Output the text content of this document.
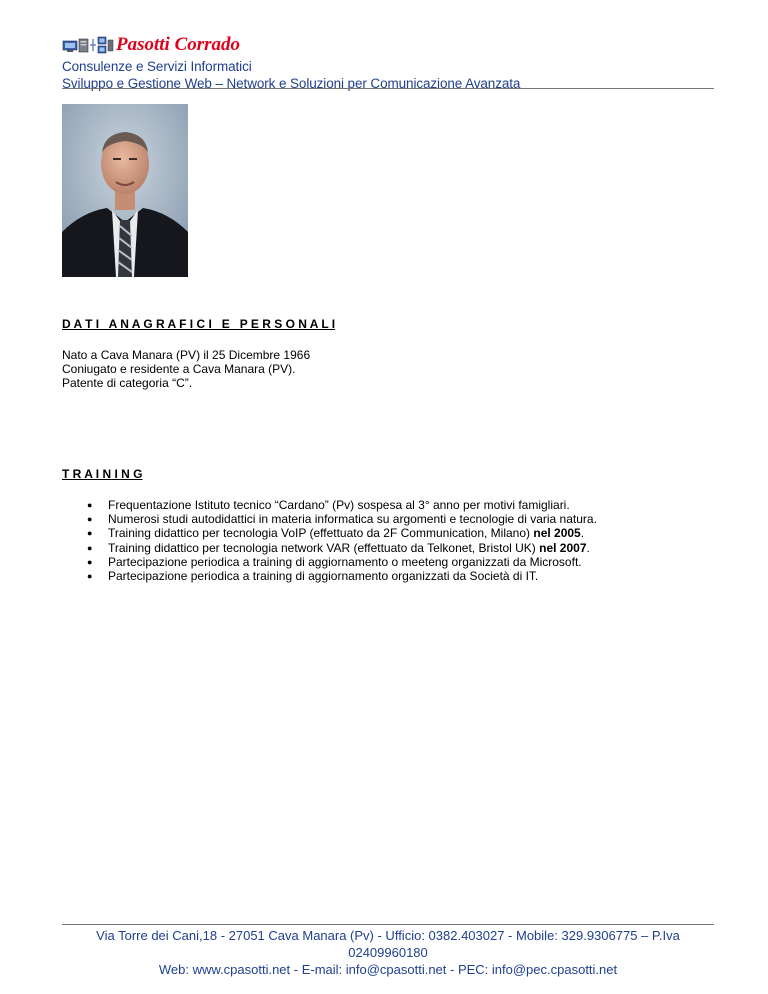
Pasotti Corrado
Consulenze e Servizi Informatici
Sviluppo e Gestione Web – Network e Soluzioni per Comunicazione Avanzata
D A T I   A N A G R A F I C I   E   P E R S O N A L I
Nato a Cava Manara (PV) il 25 Dicembre 1966
Coniugato e residente a Cava Manara (PV).
Patente di categoria “C”.
T R A I N I N G
● Frequentazione Istituto tecnico “Cardano” (Pv) sospesa al 3° anno per motivi famigliari.
● Numerosi studi autodidattici in materia informatica su argomenti e tecnologie di varia natura.
● Training didattico per tecnologia VoIP (effettuato da 2F Communication, Milano) nel 2005.
● Training didattico per tecnologia network VAR (effettuato da Telkonet, Bristol UK) nel 2007.
● Partecipazione periodica a training di aggiornamento o meeteng organizzati da Microsoft.
● Partecipazione periodica a training di aggiornamento organizzati da Società di IT.
Via Torre dei Cani,18 - 27051 Cava Manara (Pv) - Ufficio: 0382.403027 - Mobile: 329.9306775 – P.Iva 02409960180
Web: www.cpasotti.net - E-mail: info@cpasotti.net - PEC: info@pec.cpasotti.net
